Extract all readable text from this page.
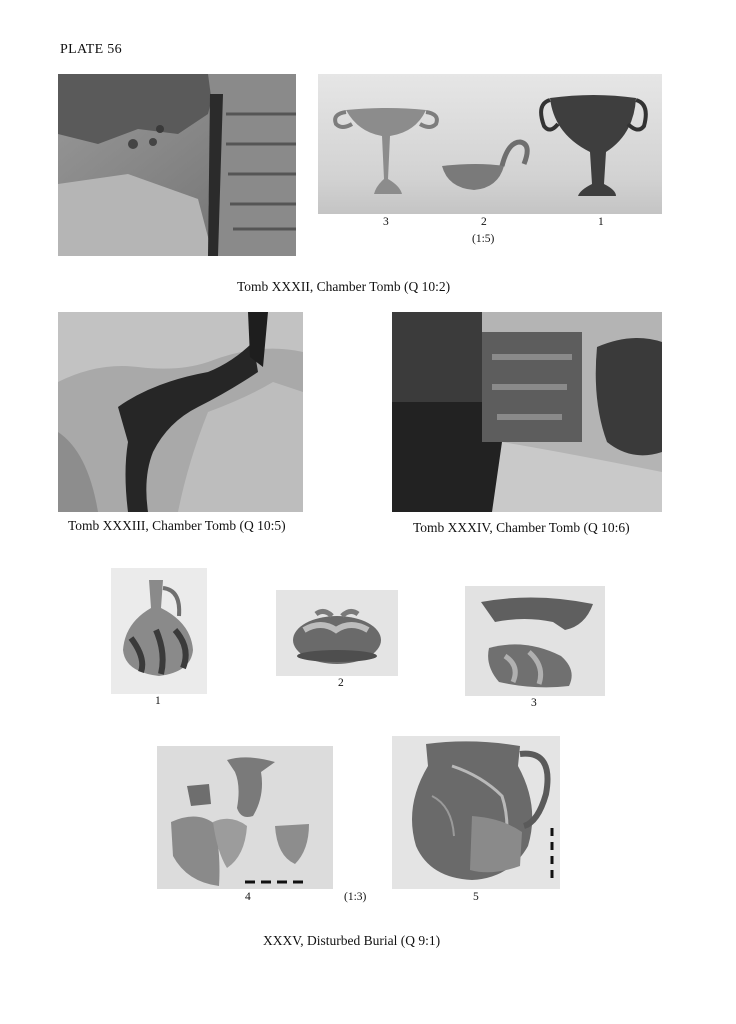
PLATE 56
3	2	1
(1:5)
Tomb XXXII, Chamber Tomb (Q 10:2)
Tomb XXXIII, Chamber Tomb (Q 10:5)	Tomb XXXIV, Chamber Tomb (Q 10:6)
1
2
3
4	(1:3)	5
XXXV, Disturbed Burial (Q 9:1)
